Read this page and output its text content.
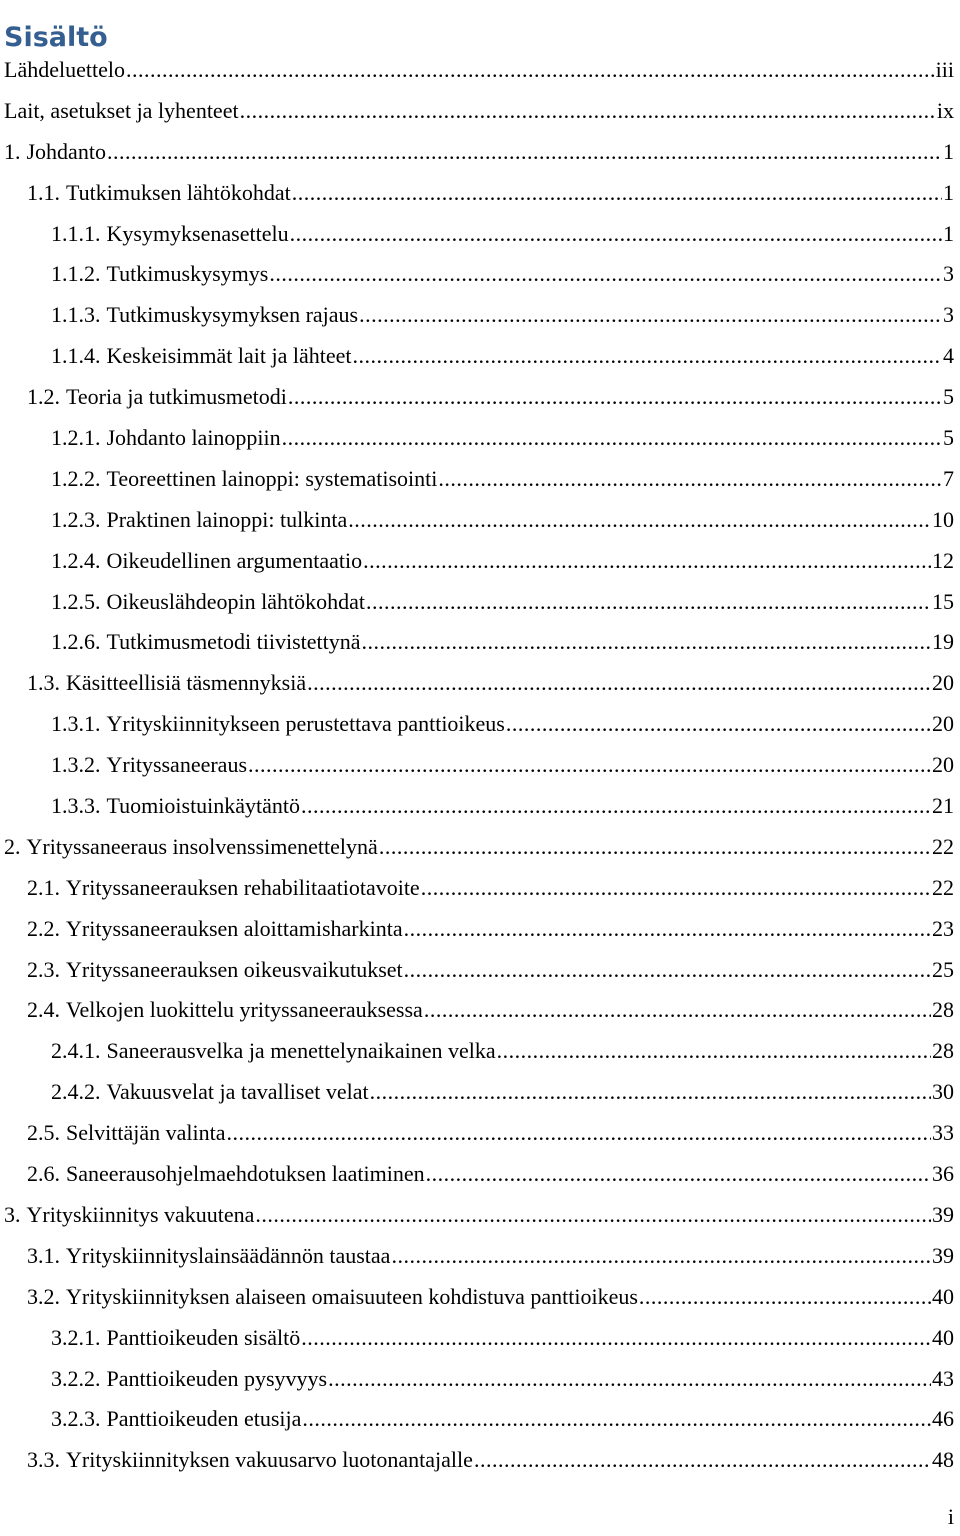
Sisältö
Lähdeluettelo .....	iii
Lait, asetukset ja lyhenteet .....	ix
1. Johdanto .....	1
1.1. Tutkimuksen lähtökohdat .....	1
1.1.1. Kysymyksenasettelu .....	1
1.1.2. Tutkimuskysymys .....	3
1.1.3. Tutkimuskysymyksen rajaus .....	3
1.1.4. Keskeisimmät lait ja lähteet .....	4
1.2. Teoria ja tutkimusmetodi .....	5
1.2.1. Johdanto lainoppiin .....	5
1.2.2. Teoreettinen lainoppi: systematisointi .....	7
1.2.3. Praktinen lainoppi: tulkinta .....	10
1.2.4. Oikeudellinen argumentaatio .....	12
1.2.5. Oikeuslähdeopin lähtökohdat .....	15
1.2.6. Tutkimusmetodi tiivistettynä .....	19
1.3. Käsitteellisiä täsmennyksiä .....	20
1.3.1. Yrityskiinnitykseen perustettava panttioikeus .....	20
1.3.2. Yrityssaneeraus .....	20
1.3.3. Tuomioistuinkäytäntö .....	21
2. Yrityssaneeraus insolvenssimenettelynä .....	22
2.1. Yrityssaneerauksen rehabilitaatiotavoite .....	22
2.2. Yrityssaneerauksen aloittamisharkinta .....	23
2.3. Yrityssaneerauksen oikeusvaikutukset .....	25
2.4. Velkojen luokittelu yrityssaneerauksessa .....	28
2.4.1. Saneerausvelka ja menettelynaikainen velka .....	28
2.4.2. Vakuusvelat ja tavalliset velat .....	30
2.5. Selvittäjän valinta .....	33
2.6. Saneerausohjelmaehdotuksen laatiminen .....	36
3. Yrityskiinnitys vakuutena .....	39
3.1. Yrityskiinnityslainsäädännön taustaa .....	39
3.2. Yrityskiinnityksen alaiseen omaisuuteen kohdistuva panttioikeus .....	40
3.2.1. Panttioikeuden sisältö .....	40
3.2.2. Panttioikeuden pysyvyys .....	43
3.2.3. Panttioikeuden etusija .....	46
3.3. Yrityskiinnityksen vakuusarvo luotonantajalle .....	48
i
